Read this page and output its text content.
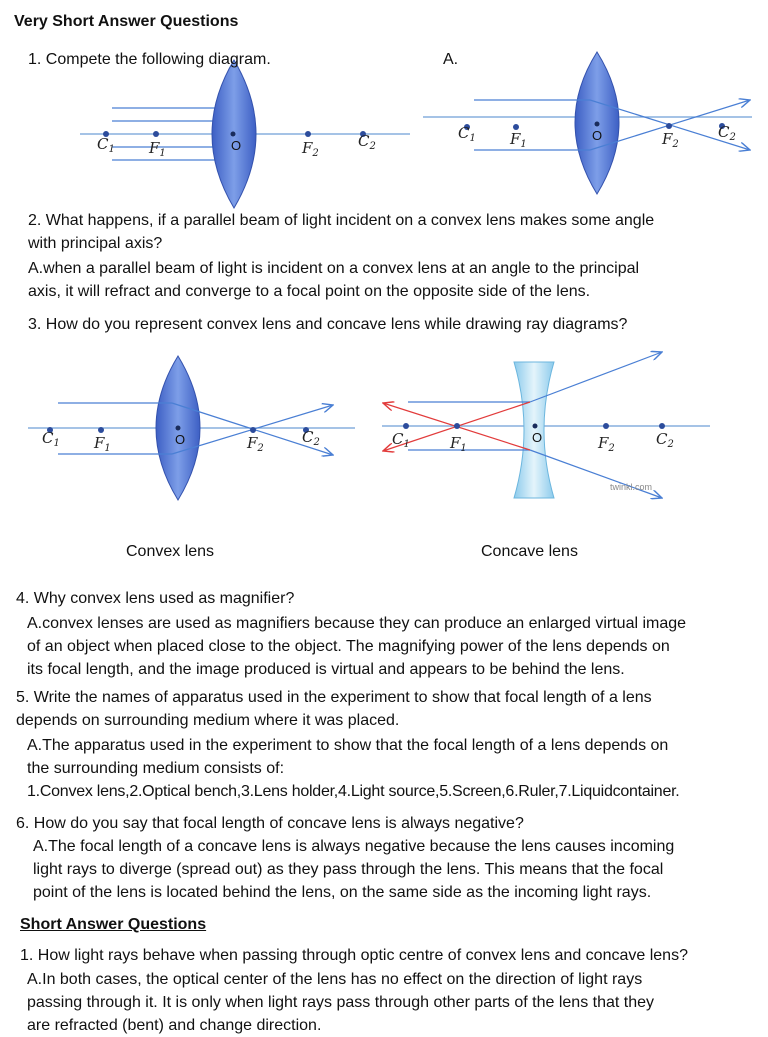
$C_1$ $F_1$
O	$F_2$
$C_2$
$C_1$ $F_1$
O	$F_2$
$C_2$
$C_1$ $F_1$
O	$F_2$
$C_2$	$C_1$	$F_1$
O	$F_2$
$C_2$
twinkl.com
Very Short Answer Questions
1. Compete the following diagram.	A.
2. What happens, if a parallel beam of light incident on a convex lens makes some angle
with principal axis?
A.when a parallel beam of light is incident on a convex lens at an angle to the principal
axis, it will refract and converge to a focal point on the opposite side of the lens.
3. How do you represent convex lens and concave lens while drawing ray diagrams?
Convex lens	Concave lens
4. Why convex lens used as magnifier?
A.convex lenses are used as magnifiers because they can produce an enlarged virtual image
of an object when placed close to the object. The magnifying power of the lens depends on
its focal length, and the image produced is virtual and appears to be behind the lens.
5. Write the names of apparatus used in the experiment to show that focal length of a lens
depends on surrounding medium where it was placed.
A.The apparatus used in the experiment to show that the focal length of a lens depends on
the surrounding medium consists of:
1.Convex lens,2.Optical bench,3.Lens holder,4.Light source,5.Screen,6.Ruler,7.Liquidcontainer.
6. How do you say that focal length of concave lens is always negative?
A.The focal length of a concave lens is always negative because the lens causes incoming
light rays to diverge (spread out) as they pass through the lens. This means that the focal
point of the lens is located behind the lens, on the same side as the incoming light rays.
Short Answer Questions
1. How light rays behave when passing through optic centre of convex lens and concave lens?
A.In both cases, the optical center of the lens has no effect on the direction of light rays
passing through it. It is only when light rays pass through other parts of the lens that they
are refracted (bent) and change direction.
